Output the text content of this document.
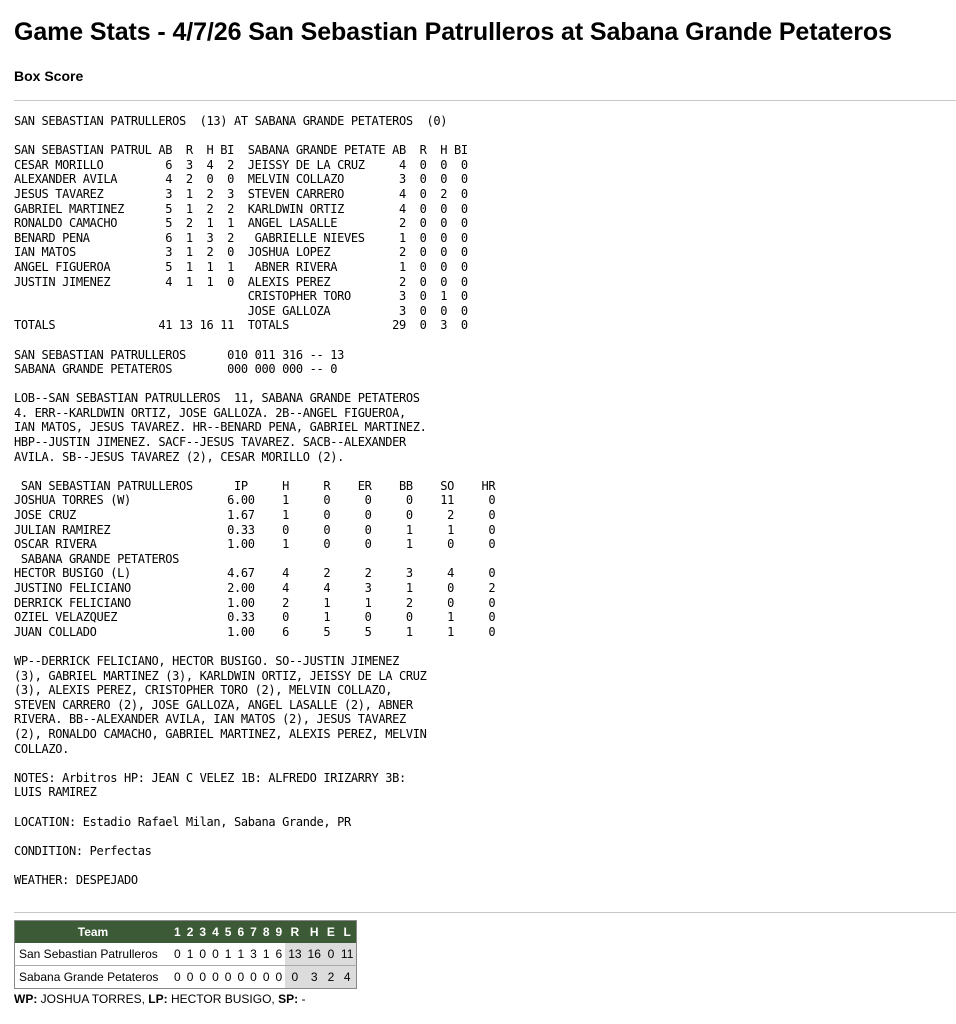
Game Stats - 4/7/26 San Sebastian Patrulleros at Sabana Grande Petateros
Box Score
SAN SEBASTIAN PATRULLEROS  (13) AT SABANA GRANDE PETATEROS  (0)
SAN SEBASTIAN PATRUL AB  R  H BI  SABANA GRANDE PETATE AB  R  H BI
CESAR MORILLO         6  3  4  2  JEISSY DE LA CRUZ     4  0  0  0
ALEXANDER AVILA       4  2  0  0  MELVIN COLLAZO        3  0  0  0
JESUS TAVAREZ         3  1  2  3  STEVEN CARRERO        4  0  2  0
GABRIEL MARTINEZ      5  1  2  2  KARLDWIN ORTIZ        4  0  0  0
RONALDO CAMACHO       5  2  1  1  ANGEL LASALLE         2  0  0  0
BENARD PENA           6  1  3  2   GABRIELLE NIEVES     1  0  0  0
IAN MATOS             3  1  2  0  JOSHUA LOPEZ          2  0  0  0
ANGEL FIGUEROA        5  1  1  1   ABNER RIVERA         1  0  0  0
JUSTIN JIMENEZ        4  1  1  0  ALEXIS PEREZ          2  0  0  0
CRISTOPHER TORO       3  0  1  0
JOSE GALLOZA          3  0  0  0
TOTALS               41 13 16 11  TOTALS               29  0  3  0
SAN SEBASTIAN PATRULLEROS      010 011 316 -- 13
SABANA GRANDE PETATEROS        000 000 000 -- 0
LOB--SAN SEBASTIAN PATRULLEROS  11, SABANA GRANDE PETATEROS
4. ERR--KARLDWIN ORTIZ, JOSE GALLOZA. 2B--ANGEL FIGUEROA,
IAN MATOS, JESUS TAVAREZ. HR--BENARD PENA, GABRIEL MARTINEZ.
HBP--JUSTIN JIMENEZ. SACF--JESUS TAVAREZ. SACB--ALEXANDER
AVILA. SB--JESUS TAVAREZ (2), CESAR MORILLO (2).
SAN SEBASTIAN PATRULLEROS      IP     H     R    ER    BB    SO    HR
JOSHUA TORRES (W)              6.00    1     0     0     0    11     0
JOSE CRUZ                      1.67    1     0     0     0     2     0
JULIAN RAMIREZ                 0.33    0     0     0     1     1     0
OSCAR RIVERA                   1.00    1     0     0     1     0     0
SABANA GRANDE PETATEROS
HECTOR BUSIGO (L)              4.67    4     2     2     3     4     0
JUSTINO FELICIANO              2.00    4     4     3     1     0     2
DERRICK FELICIANO              1.00    2     1     1     2     0     0
OZIEL VELAZQUEZ                0.33    0     1     0     0     1     0
JUAN COLLADO                   1.00    6     5     5     1     1     0
WP--DERRICK FELICIANO, HECTOR BUSIGO. SO--JUSTIN JIMENEZ
(3), GABRIEL MARTINEZ (3), KARLDWIN ORTIZ, JEISSY DE LA CRUZ
(3), ALEXIS PEREZ, CRISTOPHER TORO (2), MELVIN COLLAZO,
STEVEN CARRERO (2), JOSE GALLOZA, ANGEL LASALLE (2), ABNER
RIVERA. BB--ALEXANDER AVILA, IAN MATOS (2), JESUS TAVAREZ
(2), RONALDO CAMACHO, GABRIEL MARTINEZ, ALEXIS PEREZ, MELVIN
COLLAZO.
NOTES: Arbitros HP: JEAN C VELEZ 1B: ALFREDO IRIZARRY 3B:
LUIS RAMIREZ
LOCATION: Estadio Rafael Milan, Sabana Grande, PR
CONDITION: Perfectas
WEATHER: DESPEJADO
Team	1	2	3	4	5	6	7	8	9	R	H	E	L
San Sebastian Patrulleros	0	1	0	0	1	1	3	1	6	13	16	0	11
Sabana Grande Petateros	0	0	0	0	0	0	0	0	0	0	3	2	4
WP: JOSHUA TORRES, LP: HECTOR BUSIGO, SP: -
